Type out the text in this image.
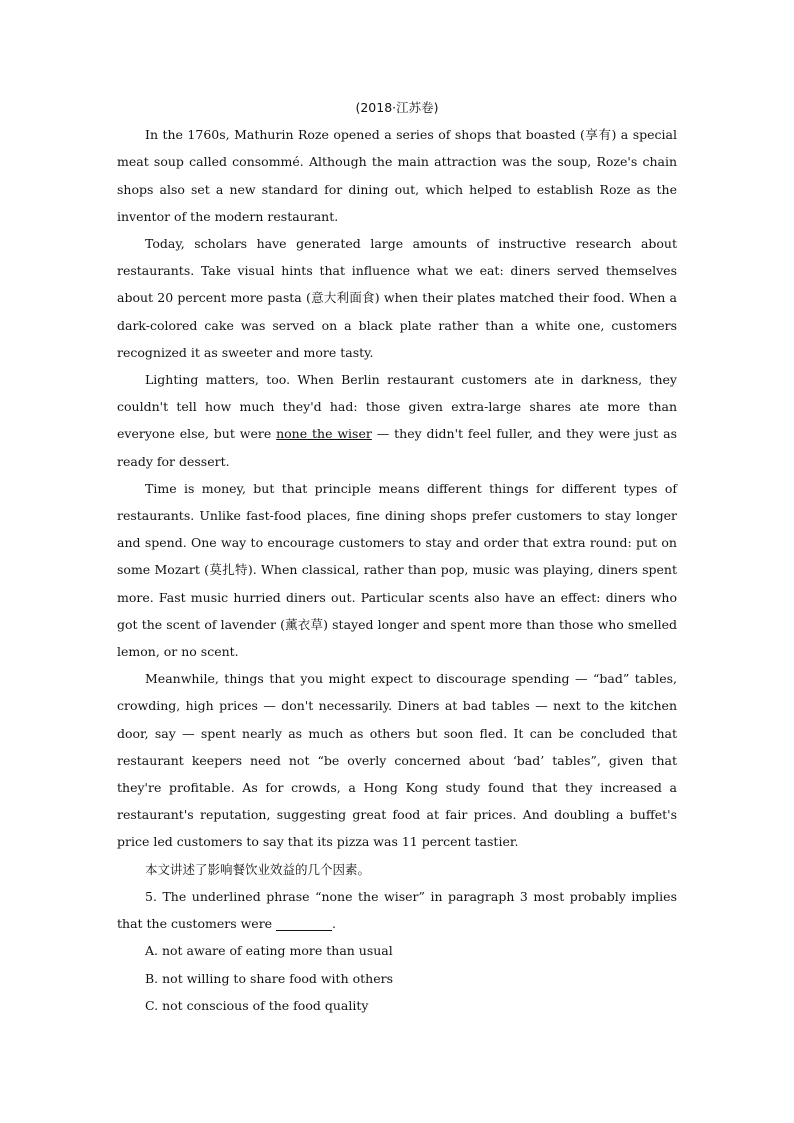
(2018·江苏卷)

In the 1760s, Mathurin Roze opened a series of shops that boasted (享有) a special meat soup called consommé. Although the main attraction was the soup, Roze's chain shops also set a new standard for dining out, which helped to establish Roze as the inventor of the modern restaurant.

Today, scholars have generated large amounts of instructive research about restaurants. Take visual hints that influence what we eat: diners served themselves about 20 percent more pasta (意大利面食) when their plates matched their food. When a dark-colored cake was served on a black plate rather than a white one, customers recognized it as sweeter and more tasty.

Lighting matters, too. When Berlin restaurant customers ate in darkness, they couldn't tell how much they'd had: those given extra-large shares ate more than everyone else, but were none the wiser — they didn't feel fuller, and they were just as ready for dessert.

Time is money, but that principle means different things for different types of restaurants. Unlike fast-food places, fine dining shops prefer customers to stay longer and spend. One way to encourage customers to stay and order that extra round: put on some Mozart (莫扎特). When classical, rather than pop, music was playing, diners spent more. Fast music hurried diners out. Particular scents also have an effect: diners who got the scent of lavender (薰衣草) stayed longer and spent more than those who smelled lemon, or no scent.

Meanwhile, things that you might expect to discourage spending — “bad” tables, crowding, high prices — don't necessarily. Diners at bad tables — next to the kitchen door, say — spent nearly as much as others but soon fled. It can be concluded that restaurant keepers need not “be overly concerned about ‘bad’ tables”, given that they're profitable. As for crowds, a Hong Kong study found that they increased a restaurant's reputation, suggesting great food at fair prices. And doubling a buffet's price led customers to say that its pizza was 11 percent tastier.

本文讲述了影响餐饮业效益的几个因素。

5. The underlined phrase “none the wiser” in paragraph 3 most probably implies that the customers were	.

A. not aware of eating more than usual

B. not willing to share food with others

C. not conscious of the food quality
